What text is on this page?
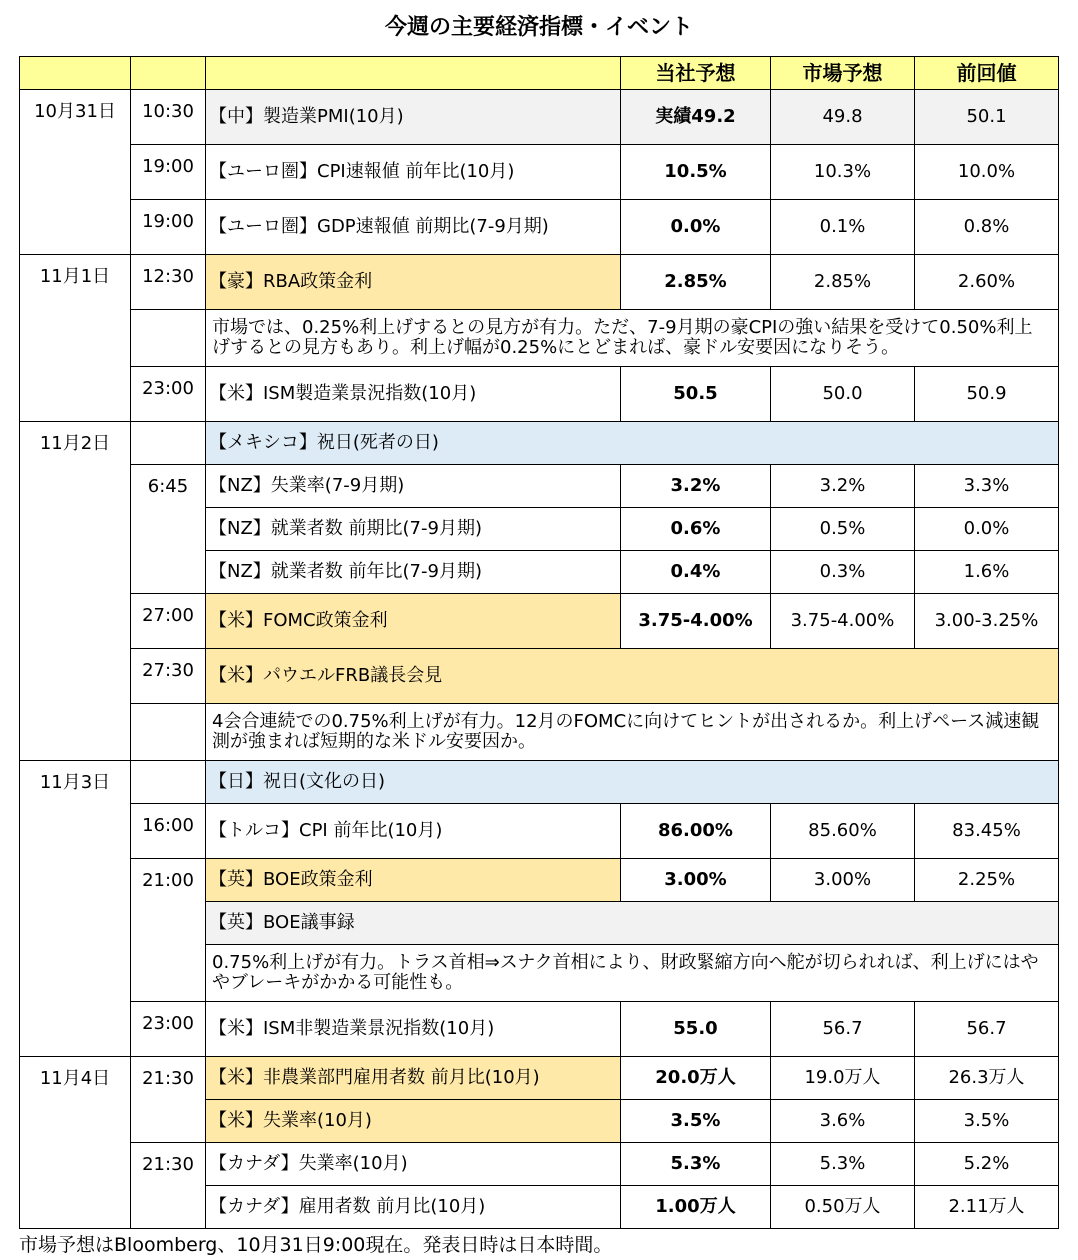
今週の主要経済指標・イベント
			当社予想	市場予想	前回値
10月31日	10:30	【中】製造業PMI(10月)	実績49.2	49.8	50.1
	19:00	【ユーロ圏】CPI速報値 前年比(10月)	10.5%	10.3%	10.0%
	19:00	【ユーロ圏】GDP速報値 前期比(7-9月期)	0.0%	0.1%	0.8%
11月1日	12:30	【豪】RBA政策金利	2.85%	2.85%	2.60%
		市場では、0.25%利上げするとの見方が有力。ただ、7-9月期の豪CPIの強い結果を受けて0.50%利上げするとの見方もあり。利上げ幅が0.25%にとどまれば、豪ドル安要因になりそう。			
	23:00	【米】ISM製造業景況指数(10月)	50.5	50.0	50.9
11月2日		【メキシコ】祝日(死者の日)			
	6:45	【NZ】失業率(7-9月期)	3.2%	3.2%	3.3%
		【NZ】就業者数 前期比(7-9月期)	0.6%	0.5%	0.0%
		【NZ】就業者数 前年比(7-9月期)	0.4%	0.3%	1.6%
	27:00	【米】FOMC政策金利	3.75-4.00%	3.75-4.00%	3.00-3.25%
	27:30	【米】パウエルFRB議長会見			
		4会合連続での0.75%利上げが有力。12月のFOMCに向けてヒントが出されるか。利上げペース減速観測が強まれば短期的な米ドル安要因か。			
11月3日		【日】祝日(文化の日)			
	16:00	【トルコ】CPI 前年比(10月)	86.00%	85.60%	83.45%
	21:00	【英】BOE政策金利	3.00%	3.00%	2.25%
		【英】BOE議事録			
		0.75%利上げが有力。トラス首相⇒スナク首相により、財政緊縮方向へ舵が切られれば、利上げにはややブレーキがかかる可能性も。			
	23:00	【米】ISM非製造業景況指数(10月)	55.0	56.7	56.7
11月4日	21:30	【米】非農業部門雇用者数 前月比(10月)	20.0万人	19.0万人	26.3万人
		【米】失業率(10月)	3.5%	3.6%	3.5%
	21:30	【カナダ】失業率(10月)	5.3%	5.3%	5.2%
		【カナダ】雇用者数 前月比(10月)	1.00万人	0.50万人	2.11万人
市場予想はBloomberg、10月31日9:00現在。発表日時は日本時間。
